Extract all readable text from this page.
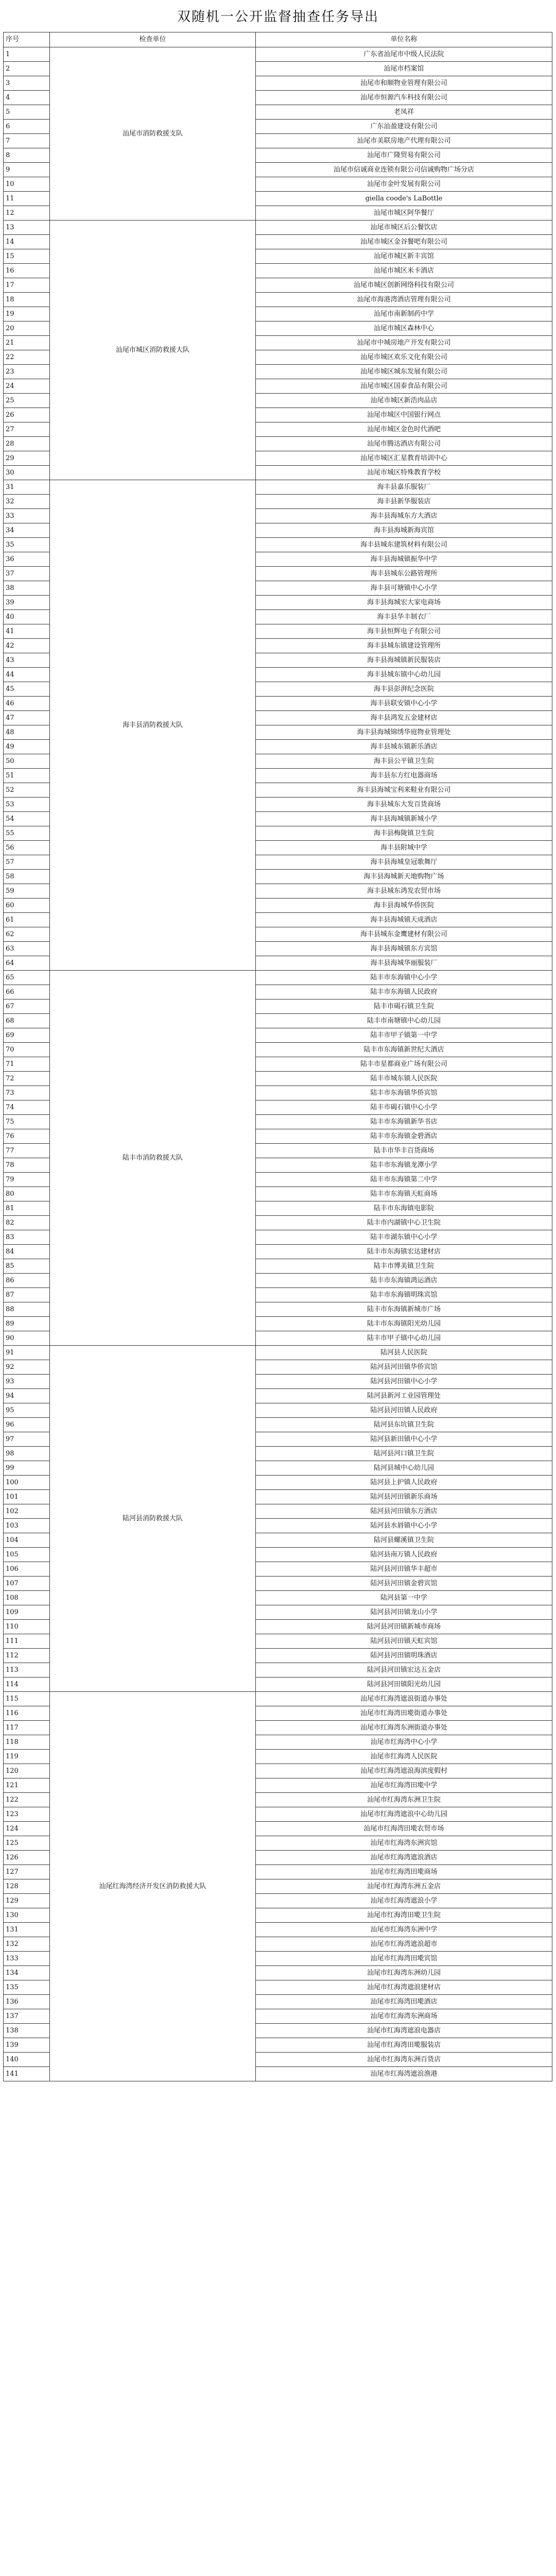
双随机一公开监督抽查任务导出
序号	检查单位	单位名称
1	汕尾市消防救援支队	广东省汕尾市中级人民法院
2		汕尾市档案馆
3		汕尾市和顺物业管理有限公司
4		汕尾市恒源汽车科技有限公司
5		老凤祥
6		广东汕盈建设有限公司
7		汕尾市美联房地产代理有限公司
8		汕尾市广隆贸易有限公司
9		汕尾市信诚商业连锁有限公司信诚购物广场分店
10		汕尾市金叶发展有限公司
11		giella coode's LaBottle
12		汕尾市城区阿华餐厅
13	汕尾市城区消防救援大队	汕尾市城区后公餐饮店
14		汕尾市城区金谷餐吧有限公司
15		汕尾市城区新丰宾馆
16		汕尾市城区米卡酒店
17		汕尾市城区创新网络科技有限公司
18		汕尾市海港湾酒店管理有限公司
19		汕尾市南新制药中学
20		汕尾市城区森林中心
21		汕尾市中城房地产开发有限公司
22		汕尾市城区欢乐文化有限公司
23		汕尾市城区城东发展有限公司
24		汕尾市城区国泰食品有限公司
25		汕尾市城区新浩肉品店
26		汕尾市城区中国银行网点
27		汕尾市城区金色时代酒吧
28		汕尾市腾达酒店有限公司
29		汕尾市城区汇星教育培训中心
30		汕尾市城区特殊教育学校
31	海丰县消防救援大队	海丰县嘉乐服装厂
32		海丰县新华服装店
33		海丰县海城东方大酒店
34		海丰县海城新海宾馆
35		海丰县城东建筑材料有限公司
36		海丰县海城镇振华中学
37		海丰县城东公路管理所
38		海丰县可塘镇中心小学
39		海丰县海城宏大家电商场
40		海丰县华丰制衣厂
41		海丰县恒辉电子有限公司
42		海丰县城东镇建设管理所
43		海丰县海城镇新民服装店
44		海丰县城东镇中心幼儿园
45		海丰县彭湃纪念医院
46		海丰县联安镇中心小学
47		海丰县鸿发五金建材店
48		海丰县海城锦绣华庭物业管理处
49		海丰县城东镇新乐酒店
50		海丰县公平镇卫生院
51		海丰县东方红电器商场
52		海丰县海城宝利来鞋业有限公司
53		海丰县城东大发百货商场
54		海丰县海城镇新城小学
55		海丰县梅陇镇卫生院
56		海丰县附城中学
57		海丰县海城皇冠歌舞厅
58		海丰县海城新天地购物广场
59		海丰县城东鸿发农贸市场
60		海丰县海城华侨医院
61		海丰县海城镇天成酒店
62		海丰县城东金鹰建材有限公司
63		海丰县海城镇东方宾馆
64		海丰县海城华丽服装厂
65	陆丰市消防救援大队	陆丰市东海镇中心小学
66		陆丰市东海镇人民政府
67		陆丰市碣石镇卫生院
68		陆丰市南塘镇中心幼儿园
69		陆丰市甲子镇第一中学
70		陆丰市东海镇新世纪大酒店
71		陆丰市星都商业广场有限公司
72		陆丰市城东镇人民医院
73		陆丰市东海镇华侨宾馆
74		陆丰市碣石镇中心小学
75		陆丰市东海镇新华书店
76		陆丰市东海镇金碧酒店
77		陆丰市华丰百货商场
78		陆丰市东海镇龙潭小学
79		陆丰市东海镇第二中学
80		陆丰市东海镇天虹商场
81		陆丰市东海镇电影院
82		陆丰市内湖镇中心卫生院
83		陆丰市湖东镇中心小学
84		陆丰市东海镇宏达建材店
85		陆丰市博美镇卫生院
86		陆丰市东海镇鸿运酒店
87		陆丰市东海镇明珠宾馆
88		陆丰市东海镇新城市广场
89		陆丰市东海镇阳光幼儿园
90		陆丰市甲子镇中心幼儿园
91	陆河县消防救援大队	陆河县人民医院
92		陆河县河田镇华侨宾馆
93		陆河县河田镇中心小学
94		陆河县新河工业园管理处
95		陆河县河田镇人民政府
96		陆河县东坑镇卫生院
97		陆河县新田镇中心小学
98		陆河县河口镇卫生院
99		陆河县城中心幼儿园
100		陆河县上护镇人民政府
101		陆河县河田镇新乐商场
102		陆河县河田镇东方酒店
103		陆河县水唇镇中心小学
104		陆河县螺溪镇卫生院
105		陆河县南万镇人民政府
106		陆河县河田镇华丰超市
107		陆河县河田镇金碧宾馆
108		陆河县第一中学
109		陆河县河田镇龙山小学
110		陆河县河田镇新城市商场
111		陆河县河田镇天虹宾馆
112		陆河县河田镇明珠酒店
113		陆河县河田镇宏达五金店
114		陆河县河田镇阳光幼儿园
115	汕尾红海湾经济开发区消防救援大队	汕尾市红海湾遮浪街道办事处
116		汕尾市红海湾田墘街道办事处
117		汕尾市红海湾东洲街道办事处
118		汕尾市红海湾中心小学
119		汕尾市红海湾人民医院
120		汕尾市红海湾遮浪海滨度假村
121		汕尾市红海湾田墘中学
122		汕尾市红海湾东洲卫生院
123		汕尾市红海湾遮浪中心幼儿园
124		汕尾市红海湾田墘农贸市场
125		汕尾市红海湾东洲宾馆
126		汕尾市红海湾遮浪酒店
127		汕尾市红海湾田墘商场
128		汕尾市红海湾东洲五金店
129		汕尾市红海湾遮浪小学
130		汕尾市红海湾田墘卫生院
131		汕尾市红海湾东洲中学
132		汕尾市红海湾遮浪超市
133		汕尾市红海湾田墘宾馆
134		汕尾市红海湾东洲幼儿园
135		汕尾市红海湾遮浪建材店
136		汕尾市红海湾田墘酒店
137		汕尾市红海湾东洲商场
138		汕尾市红海湾遮浪电器店
139		汕尾市红海湾田墘服装店
140		汕尾市红海湾东洲百货店
141		汕尾市红海湾遮浪渔港
